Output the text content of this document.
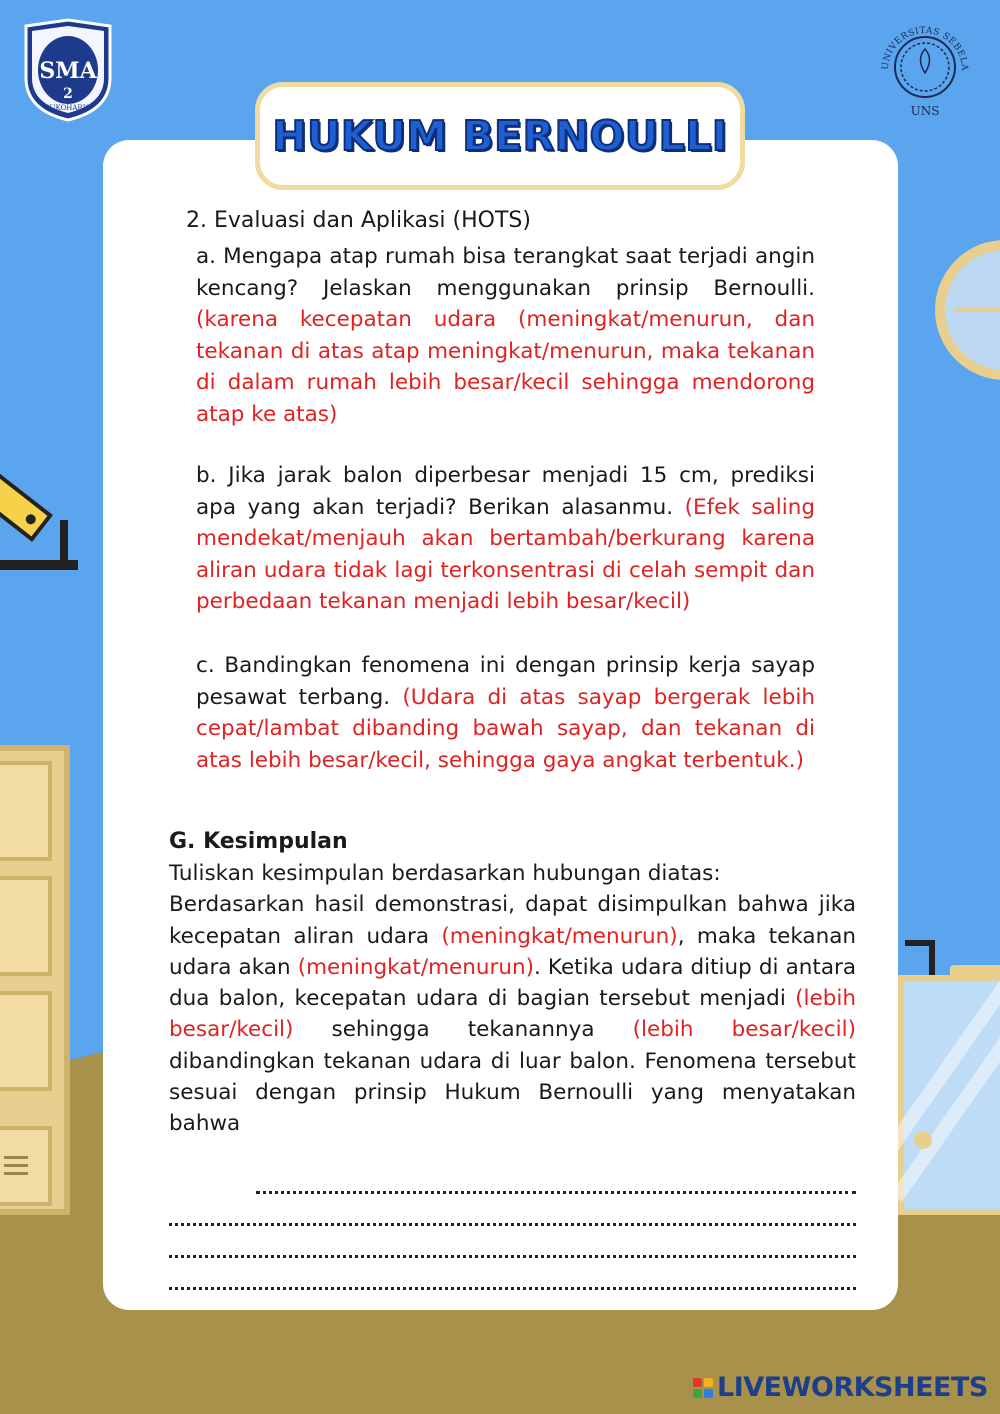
SMA
2
SUKOHARJO
UNIVERSITAS SEBELA
UNS
HUKUM BERNOULLI
2. Evaluasi dan Aplikasi (HOTS)
a. Mengapa atap rumah bisa terangkat saat terjadi angin kencang? Jelaskan menggunakan prinsip Bernoulli. (karena kecepatan udara (meningkat/menurun, dan tekanan di atas atap meningkat/menurun, maka tekanan di dalam rumah lebih besar/kecil sehingga mendorong atap ke atas)
b. Jika jarak balon diperbesar menjadi 15 cm, prediksi apa yang akan terjadi? Berikan alasanmu. (Efek saling mendekat/menjauh akan bertambah/berkurang karena aliran udara tidak lagi terkonsentrasi di celah sempit dan perbedaan tekanan menjadi lebih besar/kecil)
c. Bandingkan fenomena ini dengan prinsip kerja sayap pesawat terbang. (Udara di atas sayap bergerak lebih cepat/lambat dibanding bawah sayap, dan tekanan di atas lebih besar/kecil, sehingga gaya angkat terbentuk.)
G. Kesimpulan
Tuliskan kesimpulan berdasarkan hubungan diatas:
Berdasarkan hasil demonstrasi, dapat disimpulkan bahwa jika kecepatan aliran udara (meningkat/menurun), maka tekanan udara akan (meningkat/menurun). Ketika udara ditiup di antara dua balon, kecepatan udara di bagian tersebut menjadi (lebih besar/kecil) sehingga tekanannya (lebih besar/kecil) dibandingkan tekanan udara di luar balon. Fenomena tersebut sesuai dengan prinsip Hukum Bernoulli yang menyatakan bahwa
LIVEWORKSHEETS
